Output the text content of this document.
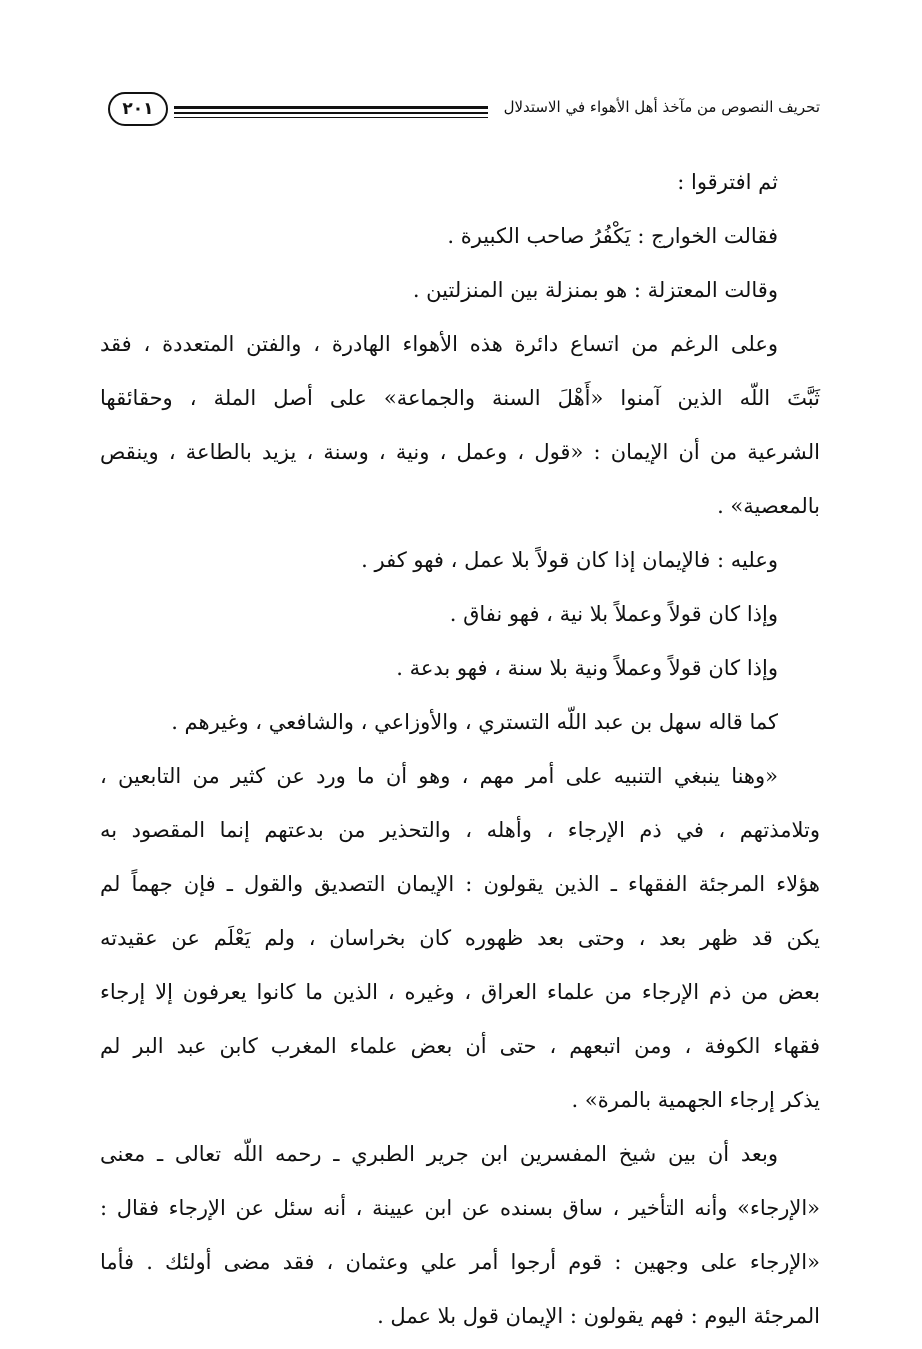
تحريف النصوص من مآخذ أهل الأهواء في الاستدلال
٢٠١
ثم افترقوا :
فقالت الخوارج : يَكْفُرُ صاحب الكبيرة .
وقالت المعتزلة : هو بمنزلة بين المنزلتين .
وعلى الرغم من اتساع دائرة هذه الأهواء الهادرة ، والفتن المتعددة ، فقد
ثَبَّتَ اللّه الذين آمنوا «أَهْلَ السنة والجماعة» على أصل الملة ، وحقائقها
الشرعية من أن الإيمان : «قول ، وعمل ، ونية ، وسنة ، يزيد بالطاعة ، وينقص
بالمعصية» .
وعليه : فالإيمان إذا كان قولاً بلا عمل ، فهو كفر .
وإذا كان قولاً وعملاً بلا نية ، فهو نفاق .
وإذا كان قولاً وعملاً ونية بلا سنة ، فهو بدعة .
كما قاله سهل بن عبد اللّه التستري ، والأوزاعي ، والشافعي ، وغيرهم .
«وهنا ينبغي التنبيه على أمر مهم ، وهو أن ما ورد عن كثير من التابعين ،
وتلامذتهم ، في ذم الإرجاء ، وأهله ، والتحذير من بدعتهم إنما المقصود به
هؤلاء المرجئة الفقهاء ـ الذين يقولون : الإيمان التصديق والقول ـ فإن جهماً لم
يكن قد ظهر بعد ، وحتى بعد ظهوره كان بخراسان ، ولم يَعْلَم عن عقيدته
بعض من ذم الإرجاء من علماء العراق ، وغيره ، الذين ما كانوا يعرفون إلا إرجاء
فقهاء الكوفة ، ومن اتبعهم ، حتى أن بعض علماء المغرب كابن عبد البر لم
يذكر إرجاء الجهمية بالمرة» .
وبعد أن بين شيخ المفسرين ابن جرير الطبري ـ رحمه اللّه تعالى ـ معنى
«الإرجاء» وأنه التأخير ، ساق بسنده عن ابن عيينة ، أنه سئل عن الإرجاء فقال :
«الإرجاء على وجهين : قوم أرجوا أمر علي وعثمان ، فقد مضى أولئك . فأما
المرجئة اليوم : فهم يقولون : الإيمان قول بلا عمل .
